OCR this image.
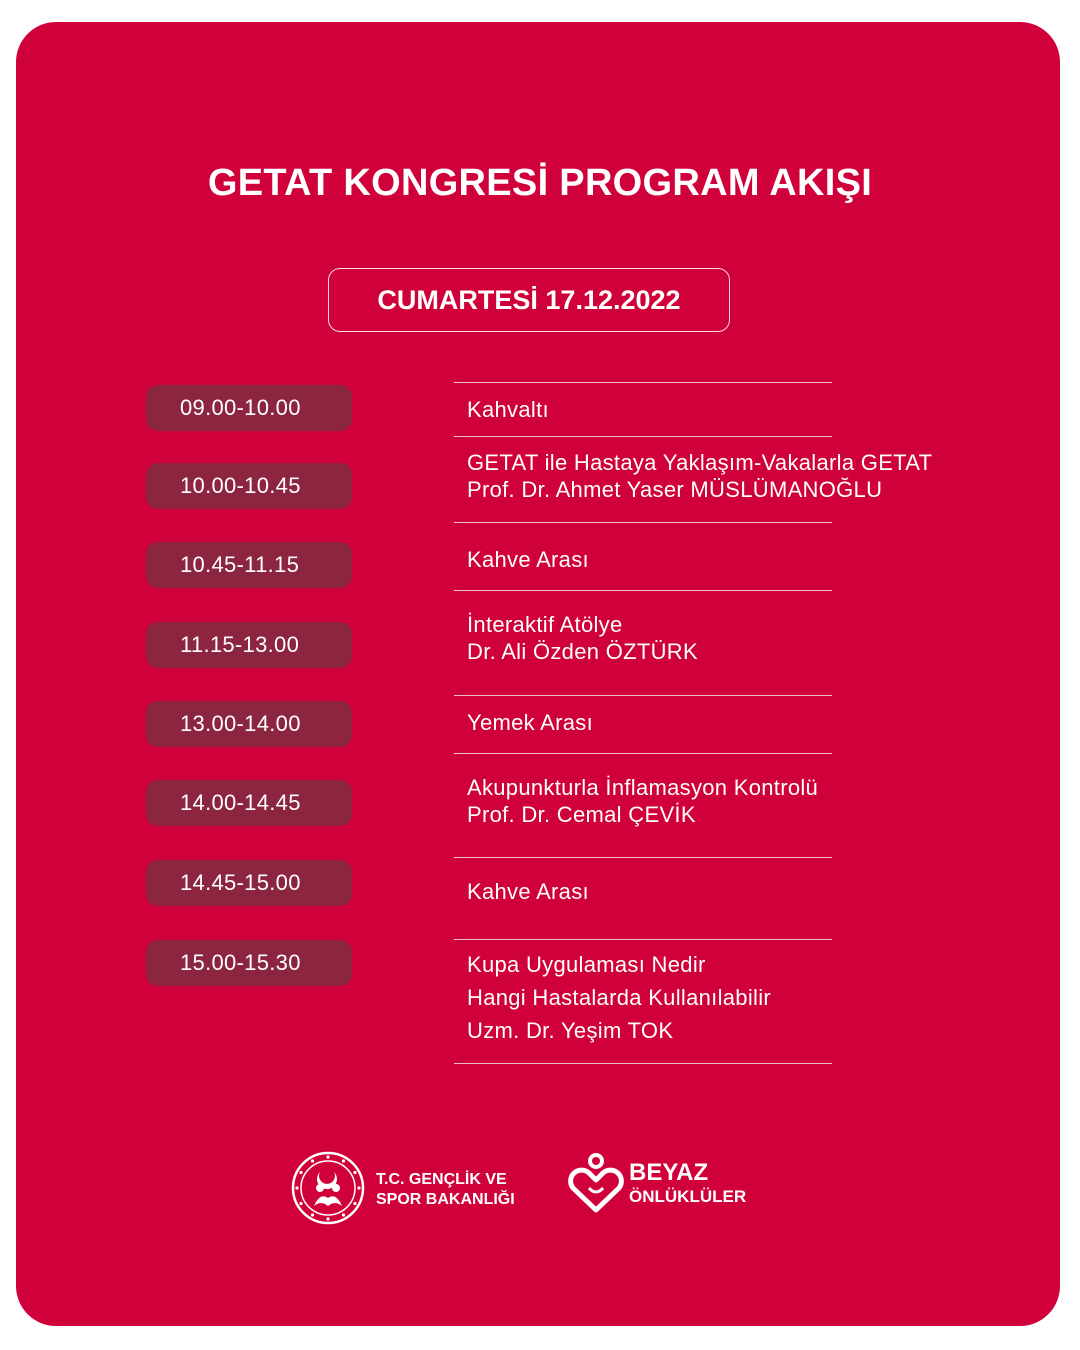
GETAT KONGRESİ PROGRAM AKIŞI
CUMARTESİ 17.12.2022
09.00-10.00
10.00-10.45
10.45-11.15
11.15-13.00
13.00-14.00
14.00-14.45
14.45-15.00
15.00-15.30
Kahvaltı
GETAT ile Hastaya Yaklaşım-Vakalarla GETAT
Prof. Dr. Ahmet Yaser MÜSLÜMANOĞLU
Kahve Arası
İnteraktif Atölye
Dr. Ali Özden ÖZTÜRK
Yemek Arası
Akupunkturla İnflamasyon Kontrolü
Prof. Dr. Cemal ÇEVİK
Kahve Arası
Kupa Uygulaması Nedir
Hangi Hastalarda Kullanılabilir
Uzm. Dr. Yeşim TOK
T.C. GENÇLİK VE
SPOR BAKANLIĞI
BEYAZ
ÖNLÜKLÜLER
